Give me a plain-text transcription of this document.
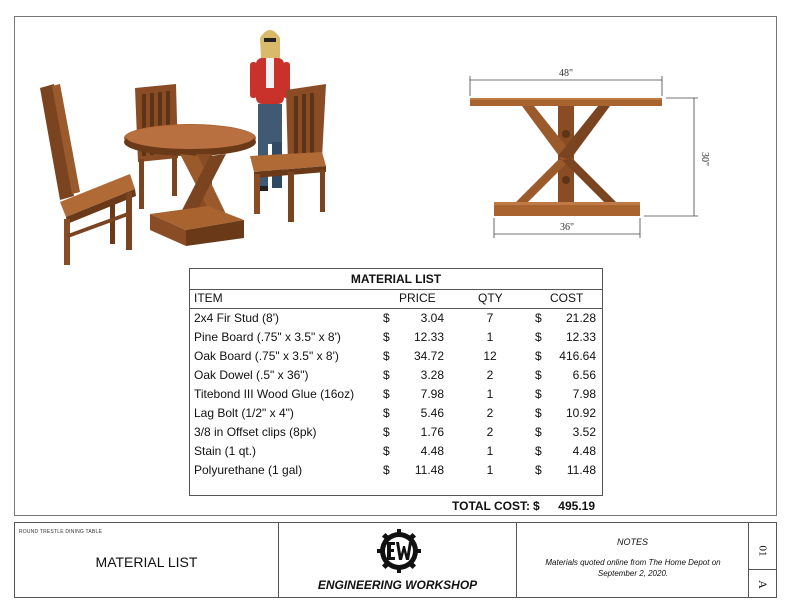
48"
30"
36"
MATERIAL LIST
ITEM	PRICE	QTY	COST
2x4 Fir Stud (8')	$	3.04	7	$ 21.28
Pine Board (.75" x 3.5" x 8')	$ 12.33	1	$ 12.33
Oak Board (.75" x 3.5" x 8')	$ 34.72	12	$ 416.64
Oak Dowel (.5" x 36")	$	3.28	2	$	6.56
Titebond III Wood Glue (16oz) $	7.98	1	$	7.98
Lag Bolt (1/2" x 4")	$	5.46	2	$ 10.92
3/8 in Offset clips (8pk)	$	1.76	2	$	3.52
Stain (1 qt.)	$	4.48	1	$	4.48
Polyurethane (1 gal)	$ 11.48	1	$ 11.48
TOTAL COST: $ 495.19
ROUND TRESTLE DINING TABLE
MATERIAL LIST
ENGINEERING WORKSHOP
NOTES
Materials quoted online from The Home Depot on September 2, 2020.
01
A
